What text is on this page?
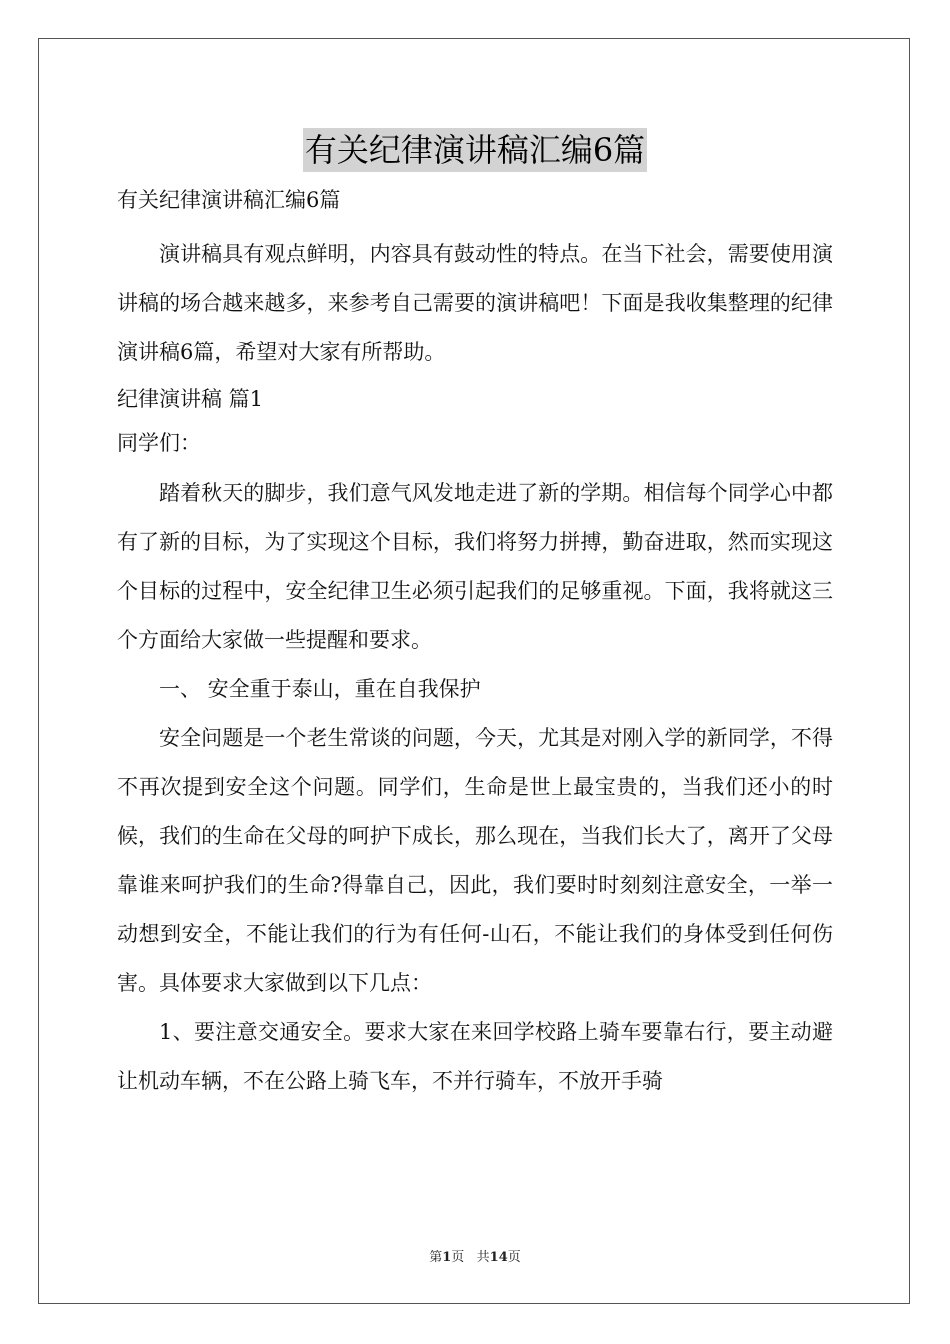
有关纪律演讲稿汇编6篇
有关纪律演讲稿汇编6篇

演讲稿具有观点鲜明，内容具有鼓动性的特点。在当下社会，需要使用演讲稿的场合越来越多，来参考自己需要的演讲稿吧！下面是我收集整理的纪律演讲稿6篇，希望对大家有所帮助。

纪律演讲稿 篇1
同学们：

踏着秋天的脚步，我们意气风发地走进了新的学期。相信每个同学心中都有了新的目标，为了实现这个目标，我们将努力拼搏，勤奋进取，然而实现这个目标的过程中，安全纪律卫生必须引起我们的足够重视。下面，我将就这三个方面给大家做一些提醒和要求。

一、 安全重于泰山，重在自我保护

安全问题是一个老生常谈的问题，今天，尤其是对刚入学的新同学，不得不再次提到安全这个问题。同学们，生命是世上最宝贵的，当我们还小的时候，我们的生命在父母的呵护下成长，那么现在，当我们长大了，离开了父母靠谁来呵护我们的生命?得靠自己，因此，我们要时时刻刻注意安全，一举一动想到安全，不能让我们的行为有任何-山石，不能让我们的身体受到任何伤害。具体要求大家做到以下几点：

1、要注意交通安全。要求大家在来回学校路上骑车要靠右行，要主动避让机动车辆，不在公路上骑飞车，不并行骑车，不放开手骑

第1页   共14页
